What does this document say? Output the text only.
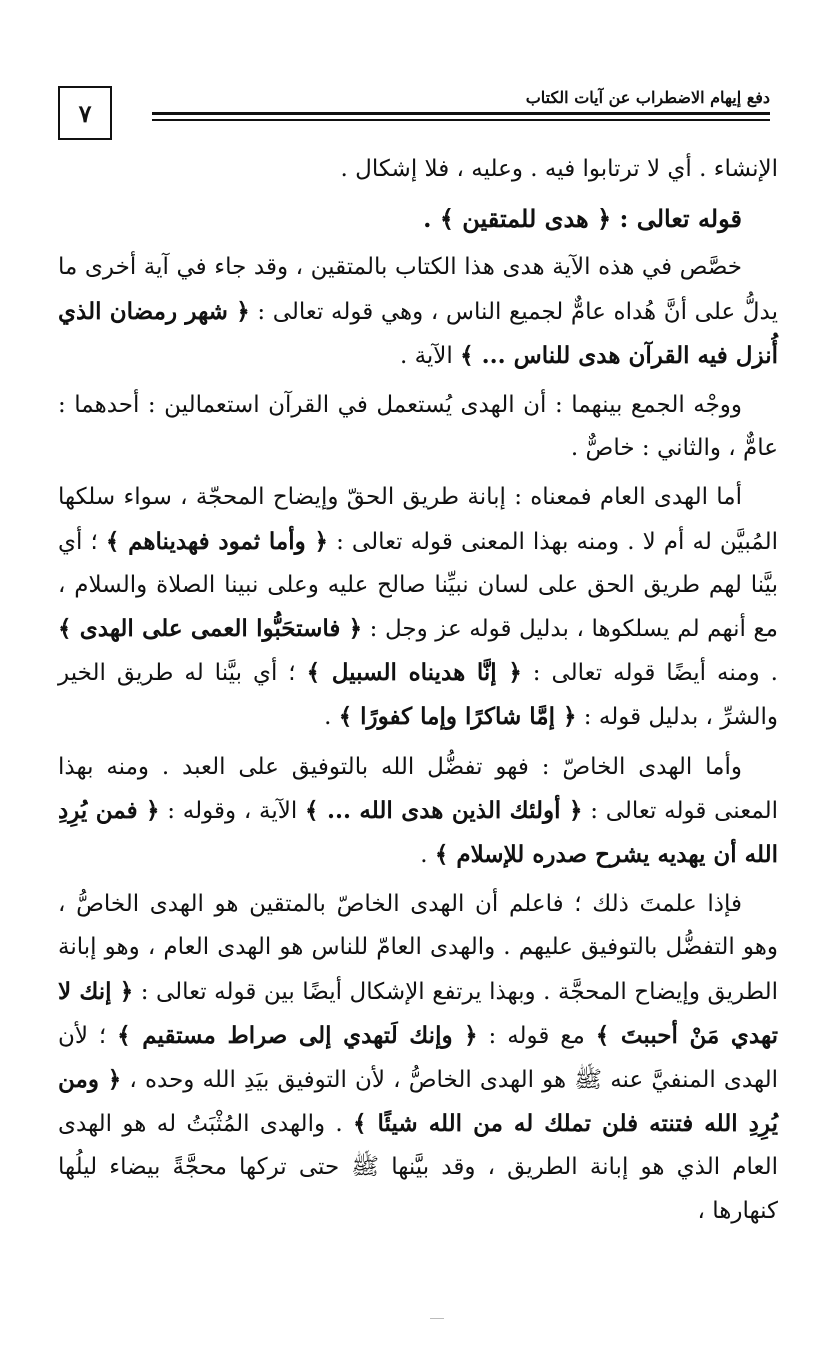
٧
دفع إيهام الاضطراب عن آيات الكتاب

الإنشاء . أي لا ترتابوا فيه . وعليه ، فلا إشكال .

قوله تعالى : ﴿ هدى للمتقين ﴾ .

خصَّص في هذه الآية هدى هذا الكتاب بالمتقين ، وقد جاء في آية أخرى ما يدلُّ على أنَّ هُداه عامٌّ لجميع الناس ، وهي قوله تعالى : ﴿ شهر رمضان الذي أُنزل فيه القرآن هدى للناس ... ﴾ الآية .

ووجْه الجمع بينهما : أن الهدى يُستعمل في القرآن استعمالين : أحدهما : عامٌّ ، والثاني : خاصٌّ .

أما الهدى العام فمعناه : إبانة طريق الحقّ وإيضاح المحجّة ، سواء سلكها المُبيَّن له أم لا . ومنه بهذا المعنى قوله تعالى : ﴿ وأما ثمود فهديناهم ﴾ ؛ أي بيَّنا لهم طريق الحق على لسان نبيِّنا صالح عليه وعلى نبينا الصلاة والسلام ، مع أنهم لم يسلكوها ، بدليل قوله عز وجل : ﴿ فاستحَبُّوا العمى على الهدى ﴾ . ومنه أيضًا قوله تعالى : ﴿ إنَّا هديناه السبيل ﴾ ؛ أي بيَّنا له طريق الخير والشرِّ ، بدليل قوله : ﴿ إمَّا شاكرًا وإما كفورًا ﴾ .

وأما الهدى الخاصّ : فهو تفضُّل الله بالتوفيق على العبد . ومنه بهذا المعنى قوله تعالى : ﴿ أولئك الذين هدى الله ... ﴾ الآية ، وقوله : ﴿ فمن يُرِدِ الله أن يهديه يشرح صدره للإسلام ﴾ .

فإذا علمتَ ذلك ؛ فاعلم أن الهدى الخاصّ بالمتقين هو الهدى الخاصُّ ، وهو التفضُّل بالتوفيق عليهم . والهدى العامّ للناس هو الهدى العام ، وهو إبانة الطريق وإيضاح المحجَّة . وبهذا يرتفع الإشكال أيضًا بين قوله تعالى : ﴿ إنك لا تهدي مَنْ أحببتَ ﴾ مع قوله : ﴿ وإنك لَتهدي إلى صراط مستقيم ﴾ ؛ لأن الهدى المنفيَّ عنه ﷺ هو الهدى الخاصُّ ، لأن التوفيق بيَدِ الله وحده ، ﴿ ومن يُرِدِ الله فتنته فلن تملك له من الله شيئًا ﴾ . والهدى المُثْبَتُ له هو الهدى العام الذي هو إبانة الطريق ، وقد بيَّنها ﷺ حتى تركها محجَّةً بيضاء ليلُها كنهارها ،
